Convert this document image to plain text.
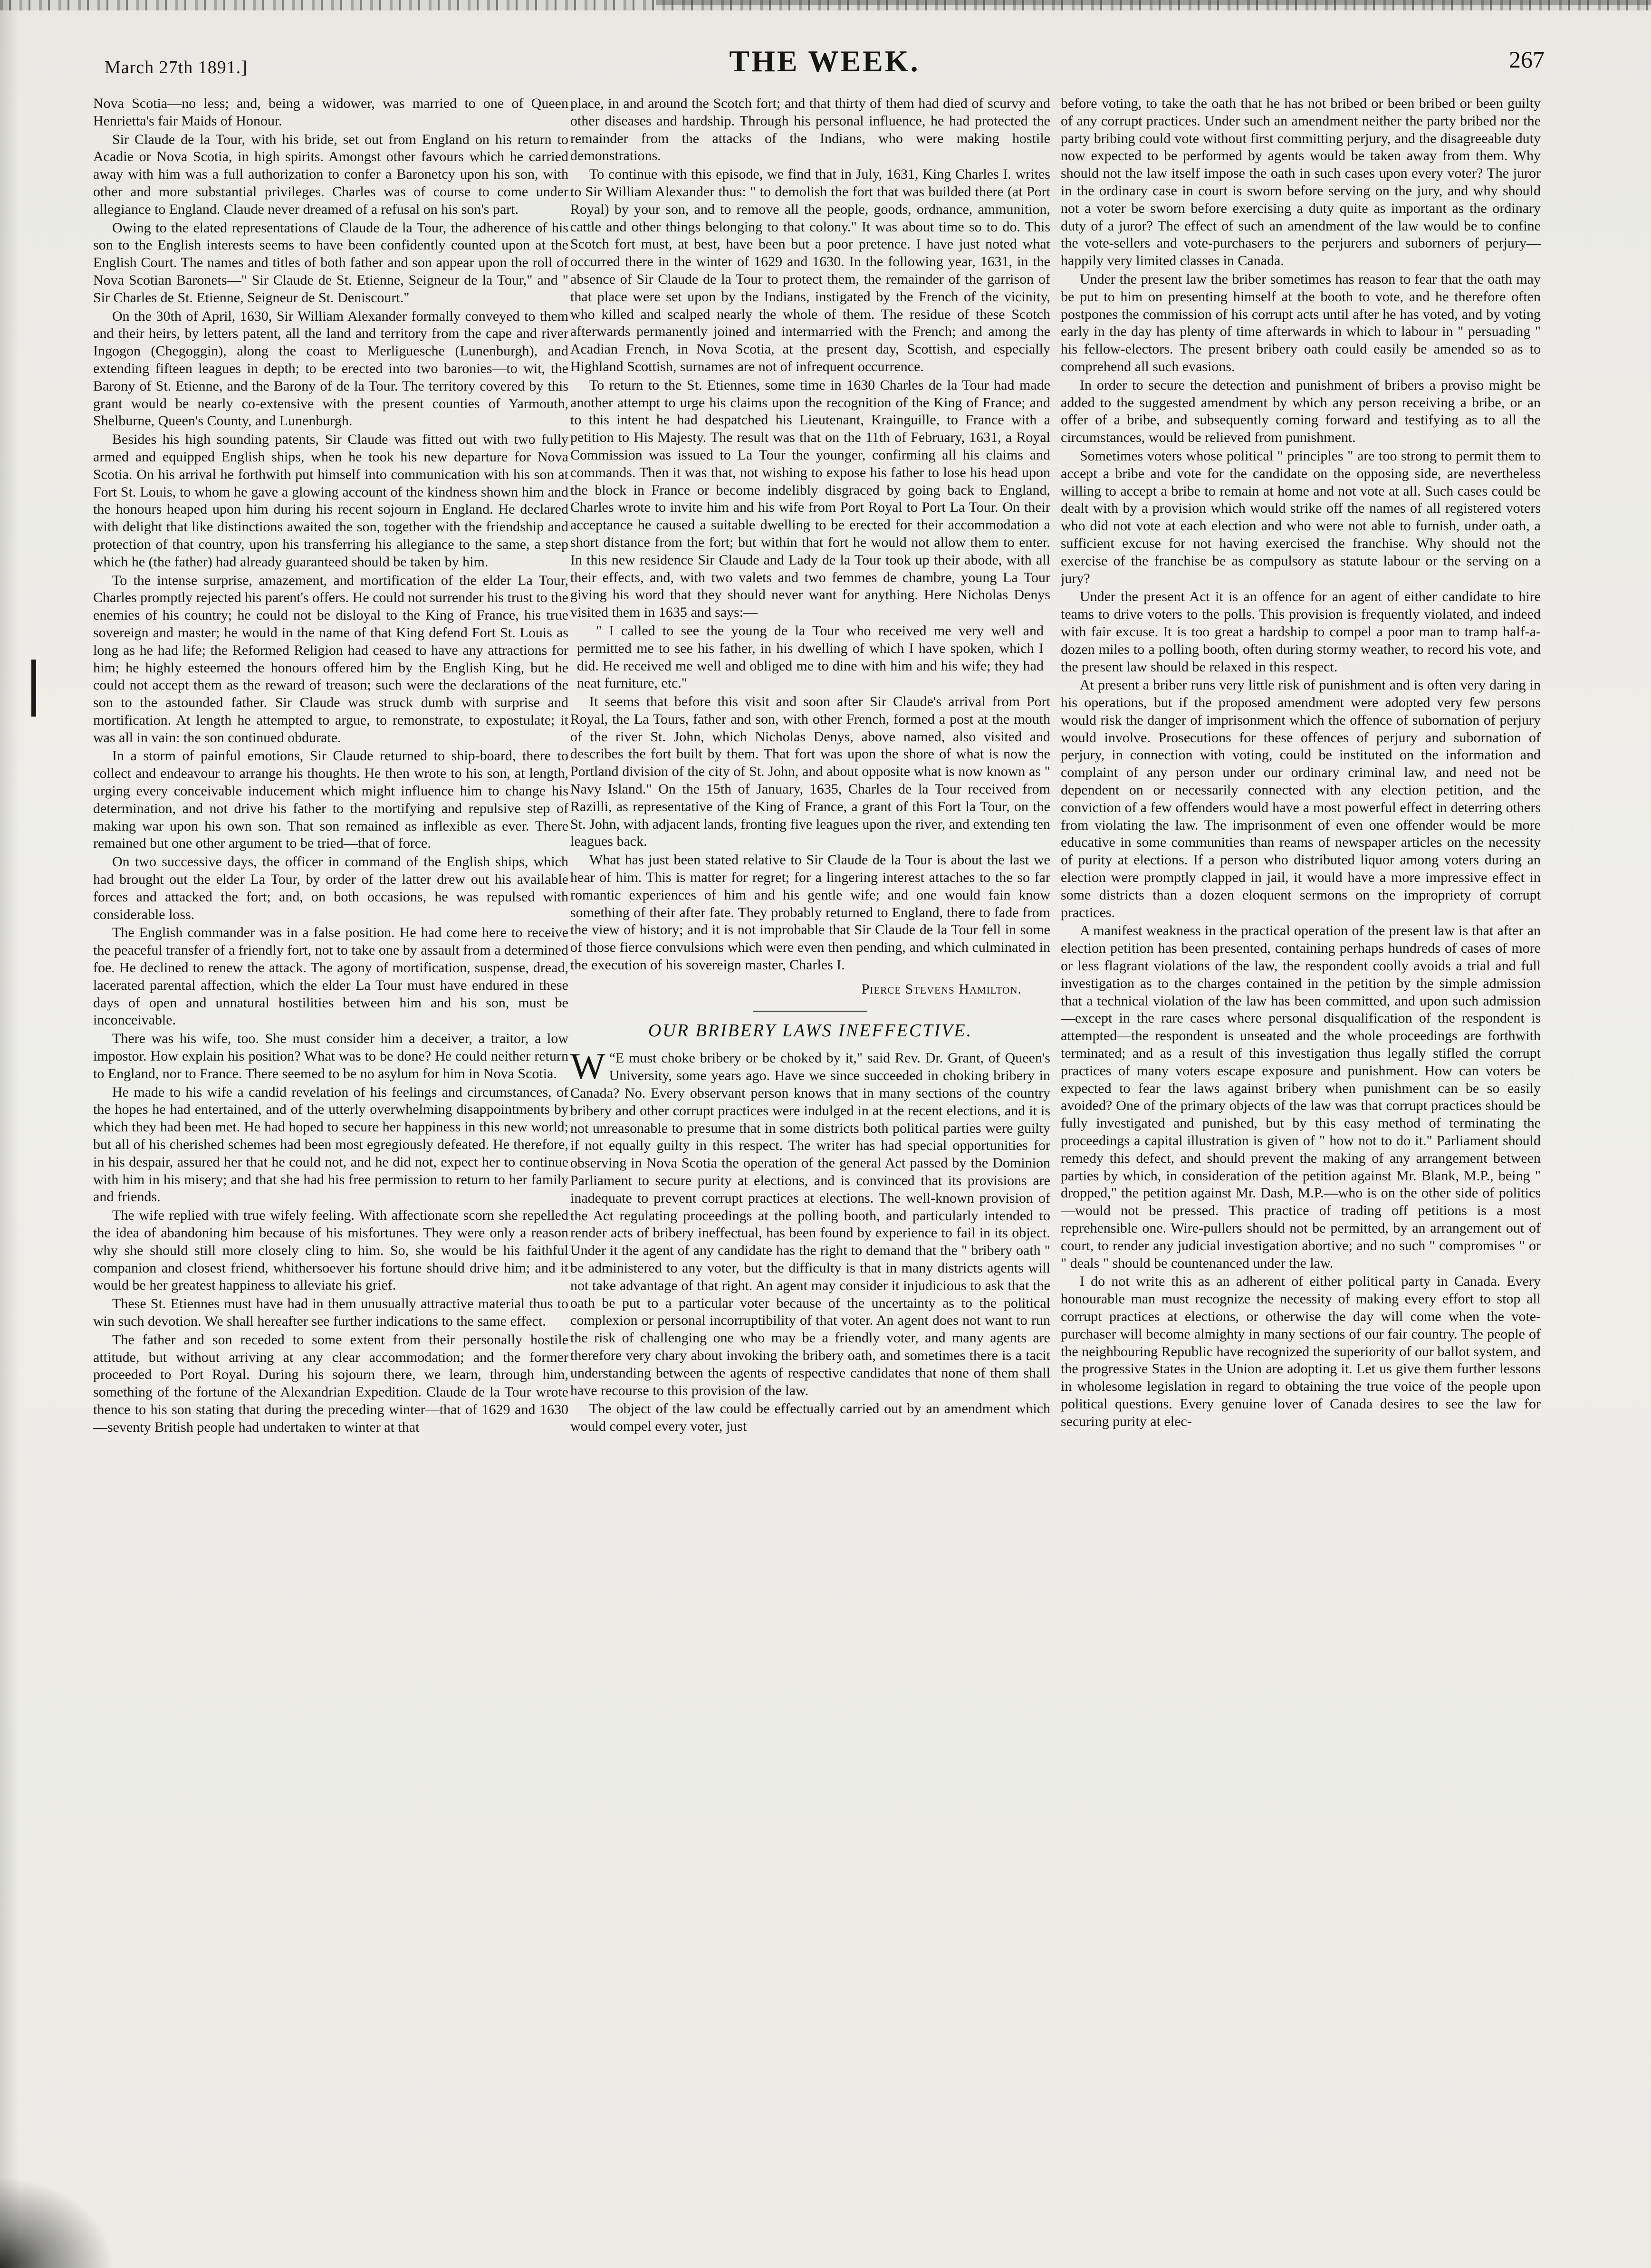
March 27th 1891.]	THE WEEK.	267

Nova Scotia—no less; and, being a widower, was married to one of Queen Henrietta's fair Maids of Honour.

Sir Claude de la Tour, with his bride, set out from England on his return to Acadie or Nova Scotia, in high spirits. Amongst other favours which he carried away with him was a full authorization to confer a Baronetcy upon his son, with other and more substantial privileges. Charles was of course to come under allegiance to England. Claude never dreamed of a refusal on his son's part.

Owing to the elated representations of Claude de la Tour, the adherence of his son to the English interests seems to have been confidently counted upon at the English Court. The names and titles of both father and son appear upon the roll of Nova Scotian Baronets—" Sir Claude de St. Etienne, Seigneur de la Tour," and " Sir Charles de St. Etienne, Seigneur de St. Deniscourt."

On the 30th of April, 1630, Sir William Alexander formally conveyed to them and their heirs, by letters patent, all the land and territory from the cape and river Ingogon (Chegoggin), along the coast to Merliguesche (Lunenburgh), and extending fifteen leagues in depth; to be erected into two baronies—to wit, the Barony of St. Etienne, and the Barony of de la Tour. The territory covered by this grant would be nearly co-extensive with the present counties of Yarmouth, Shelburne, Queen's County, and Lunenburgh.

Besides his high sounding patents, Sir Claude was fitted out with two fully armed and equipped English ships, when he took his new departure for Nova Scotia. On his arrival he forthwith put himself into communication with his son at Fort St. Louis, to whom he gave a glowing account of the kindness shown him and the honours heaped upon him during his recent sojourn in England. He declared with delight that like distinctions awaited the son, together with the friendship and protection of that country, upon his transferring his allegiance to the same, a step which he (the father) had already guaranteed should be taken by him.

To the intense surprise, amazement, and mortification of the elder La Tour, Charles promptly rejected his parent's offers. He could not surrender his trust to the enemies of his country; he could not be disloyal to the King of France, his true sovereign and master; he would in the name of that King defend Fort St. Louis as long as he had life; the Reformed Religion had ceased to have any attractions for him; he highly esteemed the honours offered him by the English King, but he could not accept them as the reward of treason; such were the declarations of the son to the astounded father. Sir Claude was struck dumb with surprise and mortification. At length he attempted to argue, to remonstrate, to expostulate; it was all in vain: the son continued obdurate.

In a storm of painful emotions, Sir Claude returned to ship-board, there to collect and endeavour to arrange his thoughts. He then wrote to his son, at length, urging every conceivable inducement which might influence him to change his determination, and not drive his father to the mortifying and repulsive step of making war upon his own son. That son remained as inflexible as ever. There remained but one other argument to be tried—that of force.

On two successive days, the officer in command of the English ships, which had brought out the elder La Tour, by order of the latter drew out his available forces and attacked the fort; and, on both occasions, he was repulsed with considerable loss.

The English commander was in a false position. He had come here to receive the peaceful transfer of a friendly fort, not to take one by assault from a determined foe. He declined to renew the attack. The agony of mortification, suspense, dread, lacerated parental affection, which the elder La Tour must have endured in these days of open and unnatural hostilities between him and his son, must be inconceivable.

There was his wife, too. She must consider him a deceiver, a traitor, a low impostor. How explain his position? What was to be done? He could neither return to England, nor to France. There seemed to be no asylum for him in Nova Scotia.

He made to his wife a candid revelation of his feelings and circumstances, of the hopes he had entertained, and of the utterly overwhelming disappointments by which they had been met. He had hoped to secure her happiness in this new world; but all of his cherished schemes had been most egregiously defeated. He therefore, in his despair, assured her that he could not, and he did not, expect her to continue with him in his misery; and that she had his free permission to return to her family and friends.

The wife replied with true wifely feeling. With affectionate scorn she repelled the idea of abandoning him because of his misfortunes. They were only a reason why she should still more closely cling to him. So, she would be his faithful companion and closest friend, whithersoever his fortune should drive him; and it would be her greatest happiness to alleviate his grief.

These St. Etiennes must have had in them unusually attractive material thus to win such devotion. We shall hereafter see further indications to the same effect.

The father and son receded to some extent from their personally hostile attitude, but without arriving at any clear accommodation; and the former proceeded to Port Royal. During his sojourn there, we learn, through him, something of the fortune of the Alexandrian Expedition. Claude de la Tour wrote thence to his son stating that during the preceding winter—that of 1629 and 1630—seventy British people had undertaken to winter at that

place, in and around the Scotch fort; and that thirty of them had died of scurvy and other diseases and hardship. Through his personal influence, he had protected the remainder from the attacks of the Indians, who were making hostile demonstrations.

To continue with this episode, we find that in July, 1631, King Charles I. writes to Sir William Alexander thus: " to demolish the fort that was builded there (at Port Royal) by your son, and to remove all the people, goods, ordnance, ammunition, cattle and other things belonging to that colony." It was about time so to do. This Scotch fort must, at best, have been but a poor pretence. I have just noted what occurred there in the winter of 1629 and 1630. In the following year, 1631, in the absence of Sir Claude de la Tour to protect them, the remainder of the garrison of that place were set upon by the Indians, instigated by the French of the vicinity, who killed and scalped nearly the whole of them. The residue of these Scotch afterwards permanently joined and intermarried with the French; and among the Acadian French, in Nova Scotia, at the present day, Scottish, and especially Highland Scottish, surnames are not of infrequent occurrence.

To return to the St. Etiennes, some time in 1630 Charles de la Tour had made another attempt to urge his claims upon the recognition of the King of France; and to this intent he had despatched his Lieutenant, Krainguille, to France with a petition to His Majesty. The result was that on the 11th of February, 1631, a Royal Commission was issued to La Tour the younger, confirming all his claims and commands. Then it was that, not wishing to expose his father to lose his head upon the block in France or become indelibly disgraced by going back to England, Charles wrote to invite him and his wife from Port Royal to Port La Tour. On their acceptance he caused a suitable dwelling to be erected for their accommodation a short distance from the fort; but within that fort he would not allow them to enter. In this new residence Sir Claude and Lady de la Tour took up their abode, with all their effects, and, with two valets and two femmes de chambre, young La Tour giving his word that they should never want for anything. Here Nicholas Denys visited them in 1635 and says:—

" I called to see the young de la Tour who received me very well and permitted me to see his father, in his dwelling of which I have spoken, which I did. He received me well and obliged me to dine with him and his wife; they had neat furniture, etc."

It seems that before this visit and soon after Sir Claude's arrival from Port Royal, the La Tours, father and son, with other French, formed a post at the mouth of the river St. John, which Nicholas Denys, above named, also visited and describes the fort built by them. That fort was upon the shore of what is now the Portland division of the city of St. John, and about opposite what is now known as " Navy Island." On the 15th of January, 1635, Charles de la Tour received from Razilli, as representative of the King of France, a grant of this Fort la Tour, on the St. John, with adjacent lands, fronting five leagues upon the river, and extending ten leagues back.

What has just been stated relative to Sir Claude de la Tour is about the last we hear of him. This is matter for regret; for a lingering interest attaches to the so far romantic experiences of him and his gentle wife; and one would fain know something of their after fate. They probably returned to England, there to fade from the view of history; and it is not improbable that Sir Claude de la Tour fell in some of those fierce convulsions which were even then pending, and which culminated in the execution of his sovereign master, Charles I.

Pierce Stevens Hamilton.
OUR BRIBERY LAWS INEFFECTIVE.

“
W E must choke bribery or be choked by it," said Rev. Dr. Grant, of Queen's University, some years ago. Have we since succeeded in choking bribery in Canada? No. Every observant person knows that in many sections of the country bribery and other corrupt practices were indulged in at the recent elections, and it is not unreasonable to presume that in some districts both political parties were guilty if not equally guilty in this respect. The writer has had special opportunities for observing in Nova Scotia the operation of the general Act passed by the Dominion Parliament to secure purity at elections, and is convinced that its provisions are inadequate to prevent corrupt practices at elections. The well-known provision of the Act regulating proceedings at the polling booth, and particularly intended to render acts of bribery ineffectual, has been found by experience to fail in its object. Under it the agent of any candidate has the right to demand that the " bribery oath " be administered to any voter, but the difficulty is that in many districts agents will not take advantage of that right. An agent may consider it injudicious to ask that the oath be put to a particular voter because of the uncertainty as to the political complexion or personal incorruptibility of that voter. An agent does not want to run the risk of challenging one who may be a friendly voter, and many agents are therefore very chary about invoking the bribery oath, and sometimes there is a tacit understanding between the agents of respective candidates that none of them shall have recourse to this provision of the law.

The object of the law could be effectually carried out by an amendment which would compel every voter, just

before voting, to take the oath that he has not bribed or been bribed or been guilty of any corrupt practices. Under such an amendment neither the party bribed nor the party bribing could vote without first committing perjury, and the disagreeable duty now expected to be performed by agents would be taken away from them. Why should not the law itself impose the oath in such cases upon every voter? The juror in the ordinary case in court is sworn before serving on the jury, and why should not a voter be sworn before exercising a duty quite as important as the ordinary duty of a juror? The effect of such an amendment of the law would be to confine the vote-sellers and vote-purchasers to the perjurers and suborners of perjury—happily very limited classes in Canada.

Under the present law the briber sometimes has reason to fear that the oath may be put to him on presenting himself at the booth to vote, and he therefore often postpones the commission of his corrupt acts until after he has voted, and by voting early in the day has plenty of time afterwards in which to labour in " persuading " his fellow-electors. The present bribery oath could easily be amended so as to comprehend all such evasions.

In order to secure the detection and punishment of bribers a proviso might be added to the suggested amendment by which any person receiving a bribe, or an offer of a bribe, and subsequently coming forward and testifying as to all the circumstances, would be relieved from punishment.

Sometimes voters whose political " principles " are too strong to permit them to accept a bribe and vote for the candidate on the opposing side, are nevertheless willing to accept a bribe to remain at home and not vote at all. Such cases could be dealt with by a provision which would strike off the names of all registered voters who did not vote at each election and who were not able to furnish, under oath, a sufficient excuse for not having exercised the franchise. Why should not the exercise of the franchise be as compulsory as statute labour or the serving on a jury?

Under the present Act it is an offence for an agent of either candidate to hire teams to drive voters to the polls. This provision is frequently violated, and indeed with fair excuse. It is too great a hardship to compel a poor man to tramp half-a-dozen miles to a polling booth, often during stormy weather, to record his vote, and the present law should be relaxed in this respect.

At present a briber runs very little risk of punishment and is often very daring in his operations, but if the proposed amendment were adopted very few persons would risk the danger of imprisonment which the offence of subornation of perjury would involve. Prosecutions for these offences of perjury and subornation of perjury, in connection with voting, could be instituted on the information and complaint of any person under our ordinary criminal law, and need not be dependent on or necessarily connected with any election petition, and the conviction of a few offenders would have a most powerful effect in deterring others from violating the law. The imprisonment of even one offender would be more educative in some communities than reams of newspaper articles on the necessity of purity at elections. If a person who distributed liquor among voters during an election were promptly clapped in jail, it would have a more impressive effect in some districts than a dozen eloquent sermons on the impropriety of corrupt practices.

A manifest weakness in the practical operation of the present law is that after an election petition has been presented, containing perhaps hundreds of cases of more or less flagrant violations of the law, the respondent coolly avoids a trial and full investigation as to the charges contained in the petition by the simple admission that a technical violation of the law has been committed, and upon such admission—except in the rare cases where personal disqualification of the respondent is attempted—the respondent is unseated and the whole proceedings are forthwith terminated; and as a result of this investigation thus legally stifled the corrupt practices of many voters escape exposure and punishment. How can voters be expected to fear the laws against bribery when punishment can be so easily avoided? One of the primary objects of the law was that corrupt practices should be fully investigated and punished, but by this easy method of terminating the proceedings a capital illustration is given of " how not to do it." Parliament should remedy this defect, and should prevent the making of any arrangement between parties by which, in consideration of the petition against Mr. Blank, M.P., being " dropped," the petition against Mr. Dash, M.P.—who is on the other side of politics—would not be pressed. This practice of trading off petitions is a most reprehensible one. Wire-pullers should not be permitted, by an arrangement out of court, to render any judicial investigation abortive; and no such " compromises " or " deals " should be countenanced under the law.

I do not write this as an adherent of either political party in Canada. Every honourable man must recognize the necessity of making every effort to stop all corrupt practices at elections, or otherwise the day will come when the vote-purchaser will become almighty in many sections of our fair country. The people of the neighbouring Republic have recognized the superiority of our ballot system, and the progressive States in the Union are adopting it. Let us give them further lessons in wholesome legislation in regard to obtaining the true voice of the people upon political questions. Every genuine lover of Canada desires to see the law for securing purity at elec-
